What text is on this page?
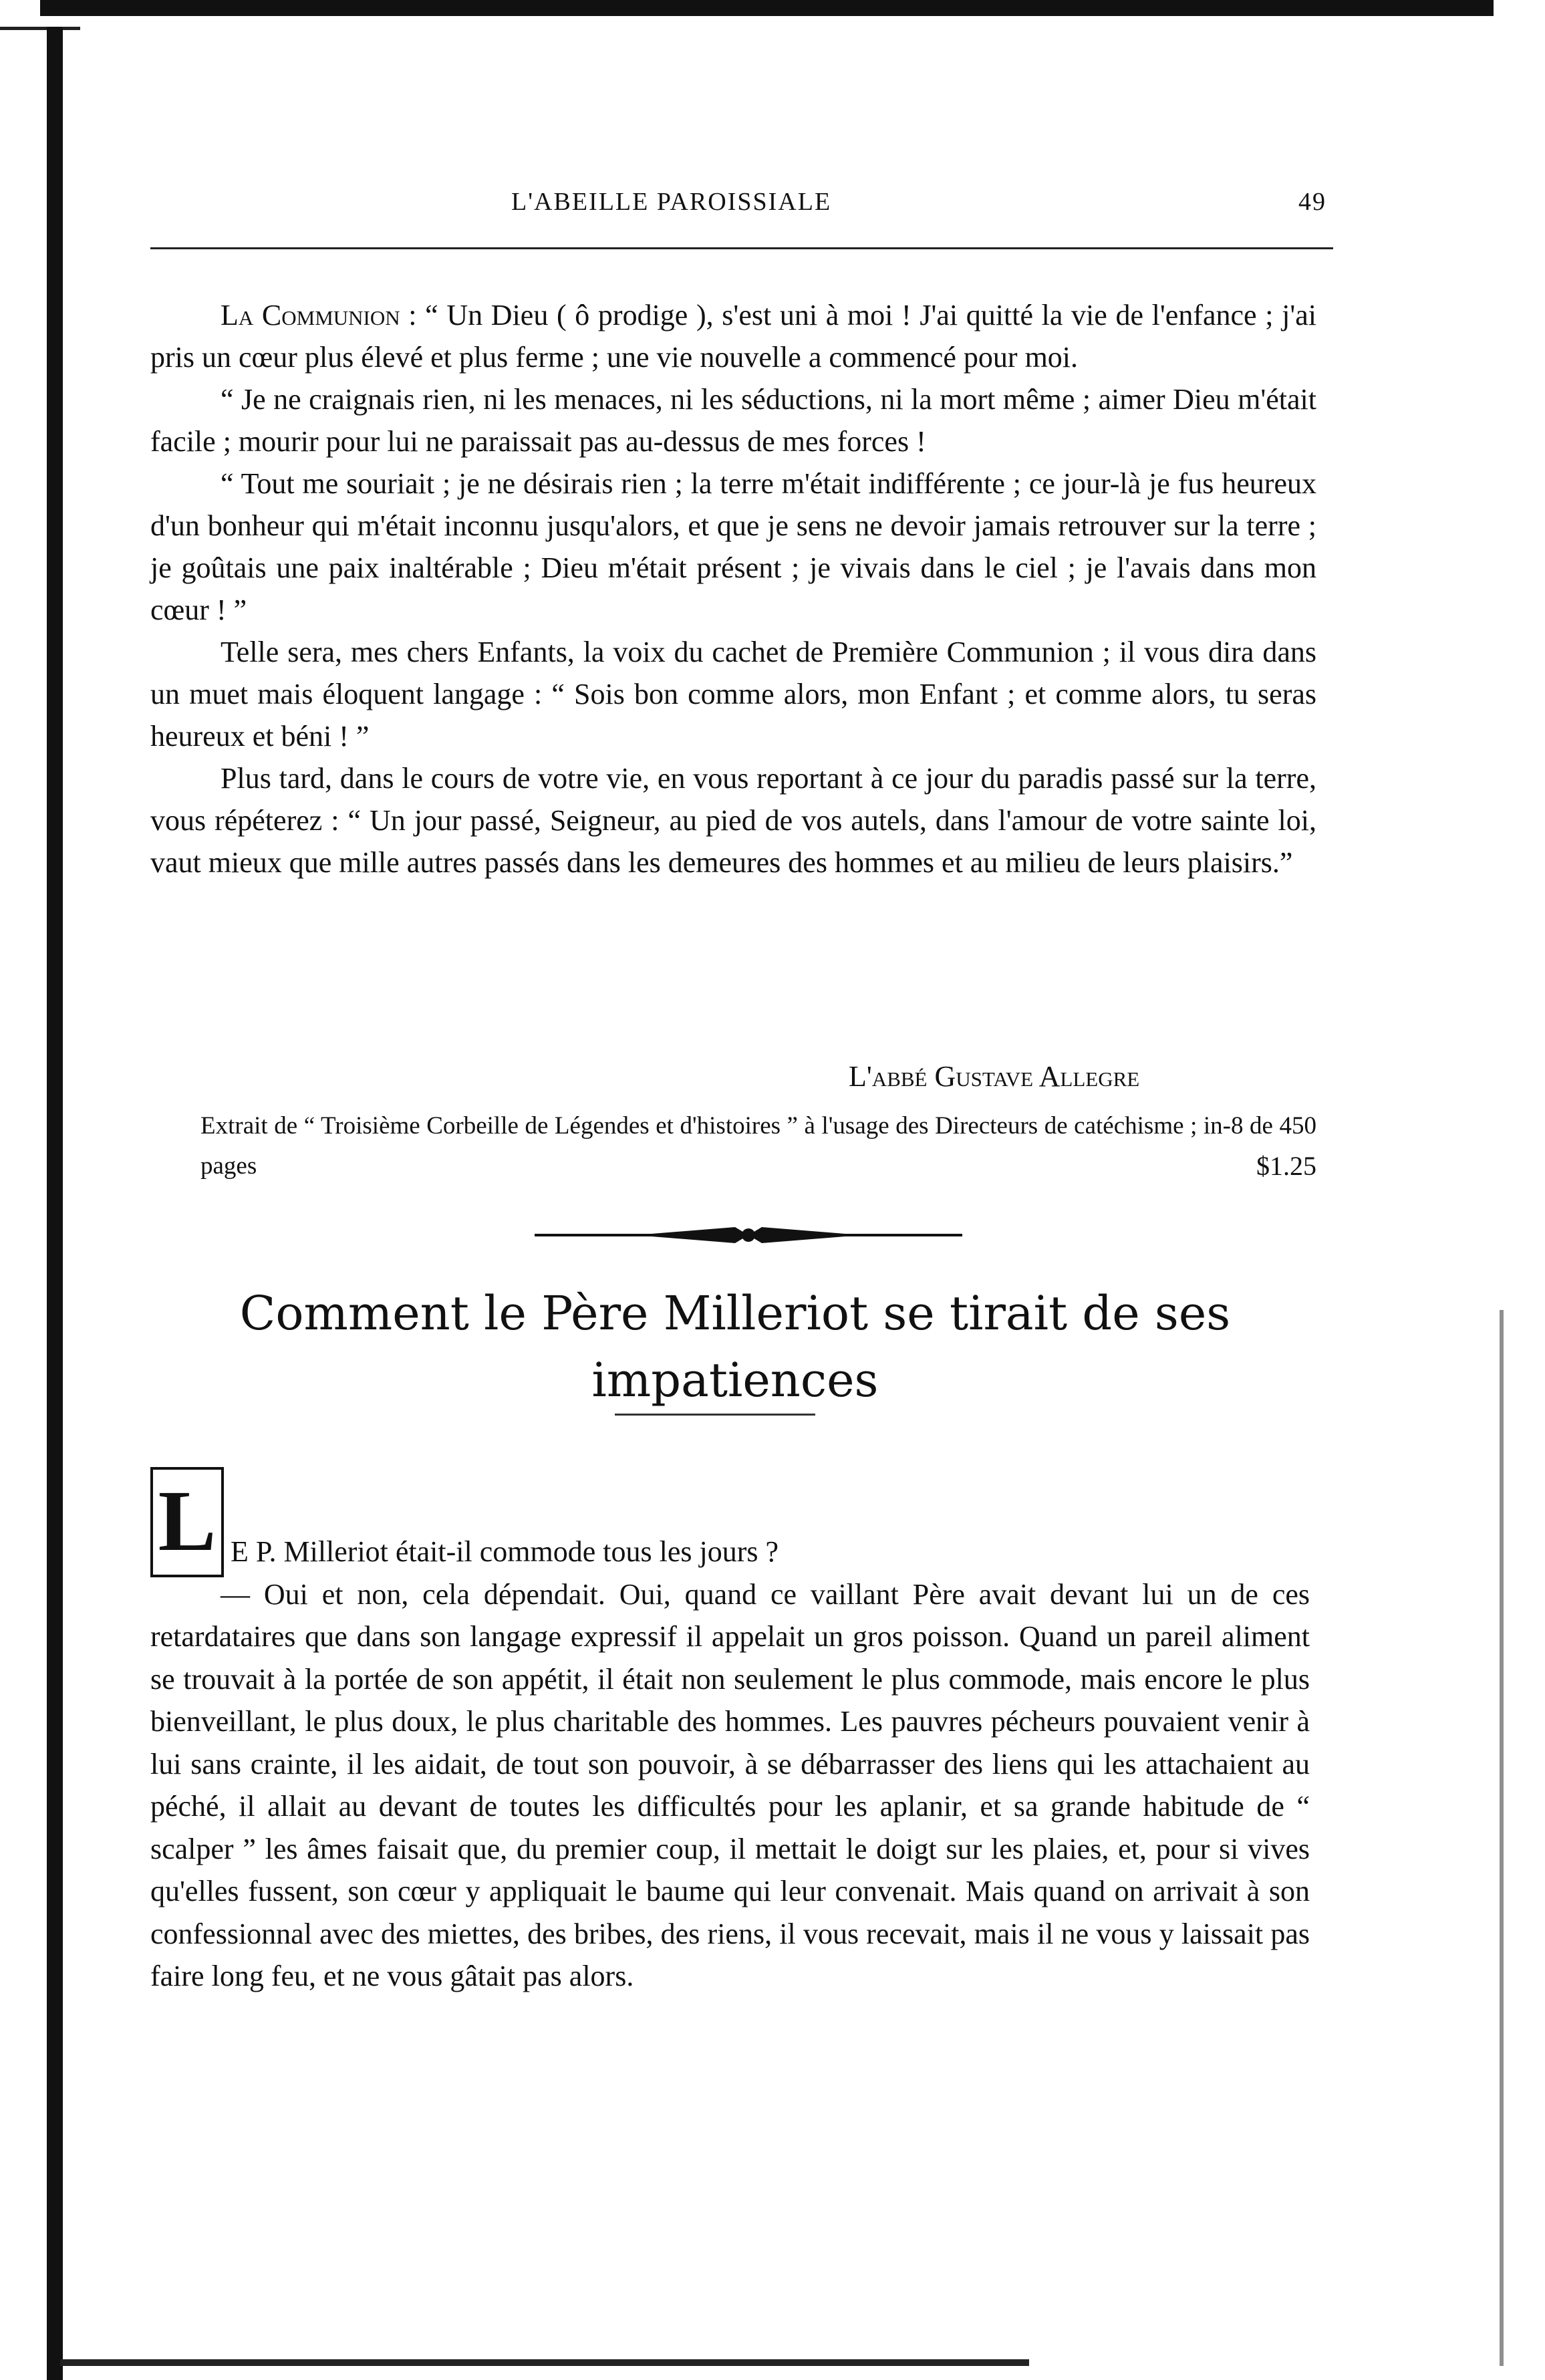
L'ABEILLE PAROISSIALE	49

La Communion : “ Un Dieu ( ô prodige ), s'est uni à moi ! J'ai quitté la vie de l'enfance ; j'ai pris un cœur plus élevé et plus ferme ; une vie nouvelle a commencé pour moi.

“ Je ne craignais rien, ni les menaces, ni les séductions, ni la mort même ; aimer Dieu m'était facile ; mourir pour lui ne paraissait pas au-dessus de mes forces !

“ Tout me souriait ; je ne désirais rien ; la terre m'était indifférente ; ce jour-là je fus heureux d'un bonheur qui m'était inconnu jusqu'alors, et que je sens ne devoir jamais retrouver sur la terre ; je goûtais une paix inaltérable ; Dieu m'était présent ; je vivais dans le ciel ; je l'avais dans mon cœur ! ”

Telle sera, mes chers Enfants, la voix du cachet de Première Communion ; il vous dira dans un muet mais éloquent langage : “ Sois bon comme alors, mon Enfant ; et comme alors, tu seras heureux et béni ! ”

Plus tard, dans le cours de votre vie, en vous reportant à ce jour du paradis passé sur la terre, vous répéterez : “ Un jour passé, Seigneur, au pied de vos autels, dans l'amour de votre sainte loi, vaut mieux que mille autres passés dans les demeures des hommes et au milieu de leurs plaisirs.”

L'abbé Gustave Allegre

Extrait de “ Troisième Corbeille de Légendes et d'histoires ” à l'usage des Directeurs de catéchisme ; in-8 de 450 pages	$1.25

Comment le Père Milleriot se tirait de ses impatiences
L E P. Milleriot était-il commode tous les jours ?

— Oui et non, cela dépendait. Oui, quand ce vaillant Père avait devant lui un de ces retardataires que dans son langage expressif il appelait un gros poisson. Quand un pareil aliment se trouvait à la portée de son appétit, il était non seulement le plus commode, mais encore le plus bienveillant, le plus doux, le plus charitable des hommes. Les pauvres pécheurs pouvaient venir à lui sans crainte, il les aidait, de tout son pouvoir, à se débarrasser des liens qui les attachaient au péché, il allait au devant de toutes les difficultés pour les aplanir, et sa grande habitude de “ scalper ” les âmes faisait que, du premier coup, il mettait le doigt sur les plaies, et, pour si vives qu'elles fussent, son cœur y appliquait le baume qui leur convenait. Mais quand on arrivait à son confessionnal avec des miettes, des bribes, des riens, il vous recevait, mais il ne vous y laissait pas faire long feu, et ne vous gâtait pas alors.
